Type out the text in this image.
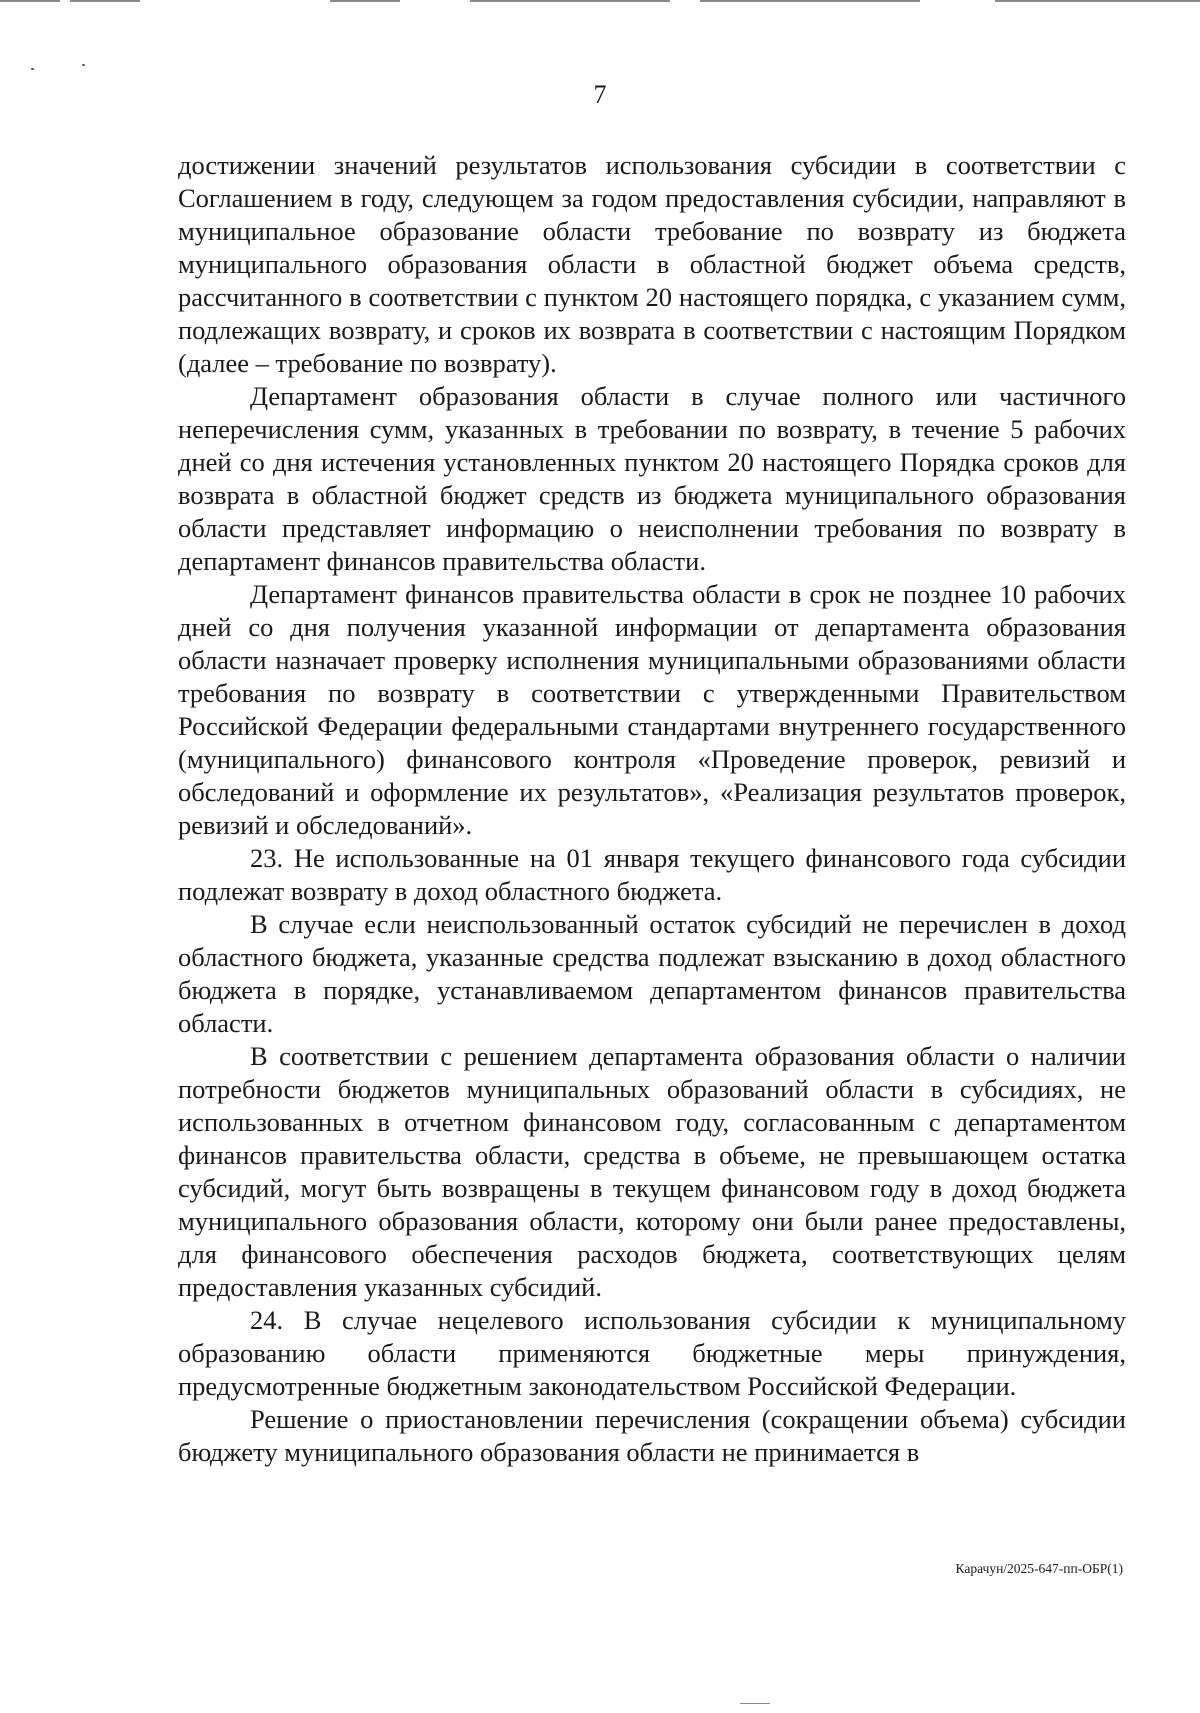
7

достижении значений результатов использования субсидии в соответствии с Соглашением в году, следующем за годом предоставления субсидии, направляют в муниципальное образование области требование по возврату из бюджета муниципального образования области в областной бюджет объема средств, рассчитанного в соответствии с пунктом 20 настоящего порядка, с указанием сумм, подлежащих возврату, и сроков их возврата в соответствии с настоящим Порядком (далее – требование по возврату).

Департамент образования области в случае полного или частичного неперечисления сумм, указанных в требовании по возврату, в течение 5 рабочих дней со дня истечения установленных пунктом 20 настоящего Порядка сроков для возврата в областной бюджет средств из бюджета муниципального образования области представляет информацию о неисполнении требования по возврату в департамент финансов правительства области.

Департамент финансов правительства области в срок не позднее 10 рабочих дней со дня получения указанной информации от департамента образования области назначает проверку исполнения муниципальными образованиями области требования по возврату в соответствии с утвержденными Правительством Российской Федерации федеральными стандартами внутреннего государственного (муниципального) финансового контроля «Проведение проверок, ревизий и обследований и оформление их результатов», «Реализация результатов проверок, ревизий и обследований».

23. Не использованные на 01 января текущего финансового года субсидии подлежат возврату в доход областного бюджета.

В случае если неиспользованный остаток субсидий не перечислен в доход областного бюджета, указанные средства подлежат взысканию в доход областного бюджета в порядке, устанавливаемом департаментом финансов правительства области.

В соответствии с решением департамента образования области о наличии потребности бюджетов муниципальных образований области в субсидиях, не использованных в отчетном финансовом году, согласованным с департаментом финансов правительства области, средства в объеме, не превышающем остатка субсидий, могут быть возвращены в текущем финансовом году в доход бюджета муниципального образования области, которому они были ранее предоставлены, для финансового обеспечения расходов бюджета, соответствующих целям предоставления указанных субсидий.

24. В случае нецелевого использования субсидии к муниципальному образованию области применяются бюджетные меры принуждения, предусмотренные бюджетным законодательством Российской Федерации.

Решение о приостановлении перечисления (сокращении объема) субсидии бюджету муниципального образования области не принимается в

Карачун/2025-647-пп-ОБР(1)
